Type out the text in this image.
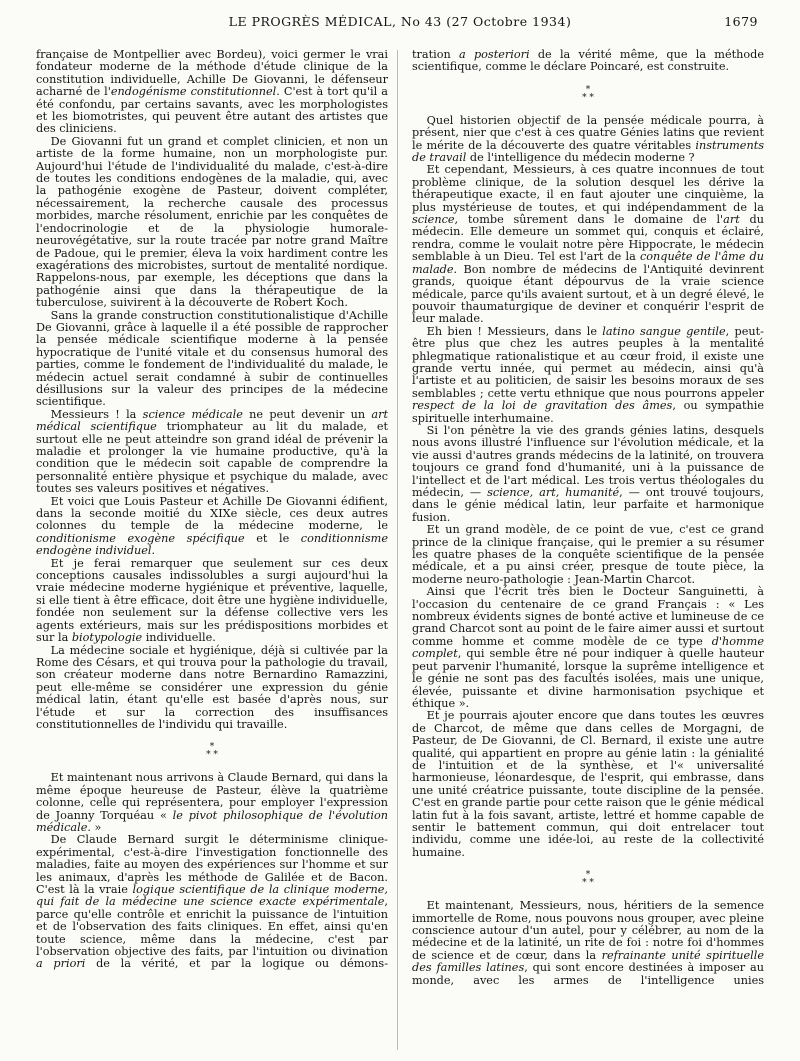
LE PROGRÈS MÉDICAL, No 43 (27 Octobre 1934)	1679

française de Montpellier avec Bordeu), voici germer le vrai fondateur moderne de la méthode d'étude clinique de la constitution individuelle, Achille De Giovanni, le défenseur acharné de l'endogénisme constitutionnel. C'est à tort qu'il a été confondu, par certains savants, avec les morphologistes et les biomotristes, qui peuvent être autant des artistes que des cliniciens.

De Giovanni fut un grand et complet clinicien, et non un artiste de la forme humaine, non un morphologiste pur. Aujourd'hui l'étude de l'individualité du malade, c'est-à-dire de toutes les conditions endogènes de la maladie, qui, avec la pathogénie exogène de Pasteur, doivent compléter, nécessairement, la recherche causale des processus morbides, marche résolument, enrichie par les conquêtes de l'endocrinologie et de la physiologie humorale-neurovégétative, sur la route tracée par notre grand Maître de Padoue, qui le premier, éleva la voix hardiment contre les exagérations des microbistes, surtout de mentalité nordique. Rappelons-nous, par exemple, les déceptions que dans la pathogénie ainsi que dans la thérapeutique de la tuberculose, suivirent à la découverte de Robert Koch.

Sans la grande construction constitutionalistique d'Achille De Giovanni, grâce à laquelle il a été possible de rapprocher la pensée médicale scientifique moderne à la pensée hypocratique de l'unité vitale et du consensus humoral des parties, comme le fondement de l'individualité du malade, le médecin actuel serait condamné à subir de continuelles désillusions sur la valeur des principes de la médecine scientifique.

Messieurs ! la science médicale ne peut devenir un art médical scientifique triomphateur au lit du malade, et surtout elle ne peut atteindre son grand idéal de prévenir la maladie et prolonger la vie humaine productive, qu'à la condition que le médecin soit capable de comprendre la personnalité entière physique et psychique du malade, avec toutes ses valeurs positives et négatives.

Et voici que Louis Pasteur et Achille De Giovanni édifient, dans la seconde moitié du XIXe siècle, ces deux autres colonnes du temple de la médecine moderne, le conditionisme exogène spécifique et le conditionnisme endogène individuel.

Et je ferai remarquer que seulement sur ces deux conceptions causales indissolubles a surgi aujourd'hui la vraie médecine moderne hygiénique et préventive, laquelle, si elle tient à être efficace, doit être une hygiène individuelle, fondée non seulement sur la défense collective vers les agents extérieurs, mais sur les prédispositions morbides et sur la biotypologie individuelle.

La médecine sociale et hygiénique, déjà si cultivée par la Rome des Césars, et qui trouva pour la pathologie du travail, son créateur moderne dans notre Bernardino Ramazzini, peut elle-même se considérer une expression du génie médical latin, étant qu'elle est basée d'après nous, sur l'étude et sur la correction des insuffisances constitutionnelles de l'individu qui travaille.

*
* *

Et maintenant nous arrivons à Claude Bernard, qui dans la même époque heureuse de Pasteur, élève la quatrième colonne, celle qui représentera, pour employer l'expression de Joanny Torquéau « le pivot philosophique de l'évolution médicale. »

De Claude Bernard surgit le déterminisme clinique-expérimental, c'est-à-dire l'investigation fonctionnelle des maladies, faite au moyen des expériences sur l'homme et sur les animaux, d'après les méthode de Galilée et de Bacon. C'est là la vraie logique scientifique de la clinique moderne, qui fait de la médecine une science exacte expérimentale, parce qu'elle contrôle et enrichit la puissance de l'intuition et de l'observation des faits cliniques. En effet, ainsi qu'en toute science, même dans la médecine, c'est par l'observation objective des faits, par l'intuition ou divination a priori de la vérité, et par la logique ou démons-

tration a posteriori de la vérité même, que la méthode scientifique, comme le déclare Poincaré, est construite.

*
* *

Quel historien objectif de la pensée médicale pourra, à présent, nier que c'est à ces quatre Génies latins que revient le mérite de la découverte des quatre véritables instruments de travail de l'intelligence du médecin moderne ?

Et cependant, Messieurs, à ces quatre inconnues de tout problème clinique, de la solution desquel les dérive la thérapeutique exacte, il en faut ajouter une cinquième, la plus mystérieuse de toutes, et qui indépendamment de la science, tombe sûrement dans le domaine de l'art du médecin. Elle demeure un sommet qui, conquis et éclairé, rendra, comme le voulait notre père Hippocrate, le médecin semblable à un Dieu. Tel est l'art de la conquête de l'âme du malade. Bon nombre de médecins de l'Antiquité devinrent grands, quoique étant dépourvus de la vraie science médicale, parce qu'ils avaient surtout, et à un degré élevé, le pouvoir thaumaturgique de deviner et conquérir l'esprit de leur malade.

Eh bien ! Messieurs, dans le latino sangue gentile, peut-être plus que chez les autres peuples à la mentalité phlegmatique rationalistique et au cœur froid, il existe une grande vertu innée, qui permet au médecin, ainsi qu'à l'artiste et au politicien, de saisir les besoins moraux de ses semblables ; cette vertu ethnique que nous pourrons appeler respect de la loi de gravitation des âmes, ou sympathie spirituelle interhumaine.

Si l'on pénètre la vie des grands génies latins, desquels nous avons illustré l'influence sur l'évolution médicale, et la vie aussi d'autres grands médecins de la latinité, on trouvera toujours ce grand fond d'humanité, uni à la puissance de l'intellect et de l'art médical. Les trois vertus théologales du médecin, — science, art, humanité, — ont trouvé toujours, dans le génie médical latin, leur parfaite et harmonique fusion.

Et un grand modèle, de ce point de vue, c'est ce grand prince de la clinique française, qui le premier a su résumer les quatre phases de la conquête scientifique de la pensée médicale, et a pu ainsi créer, presque de toute pièce, la moderne neuro-pathologie : Jean-Martin Charcot.

Ainsi que l'écrit très bien le Docteur Sanguinetti, à l'occasion du centenaire de ce grand Français : « Les nombreux évidents signes de bonté active et lumineuse de ce grand Charcot sont au point de le faire aimer aussi et surtout comme homme et comme modèle de ce type d'homme complet, qui semble être né pour indiquer à quelle hauteur peut parvenir l'humanité, lorsque la suprême intelligence et le génie ne sont pas des facultés isolées, mais une unique, élevée, puissante et divine harmonisation psychique et éthique ».

Et je pourrais ajouter encore que dans toutes les œuvres de Charcot, de même que dans celles de Morgagni, de Pasteur, de De Giovanni, de Cl. Bernard, il existe une autre qualité, qui appartient en propre au génie latin : la génialité de l'intuition et de la synthèse, et l'« universalité harmonieuse, léonardesque, de l'esprit, qui embrasse, dans une unité créatrice puissante, toute discipline de la pensée. C'est en grande partie pour cette raison que le génie médical latin fut à la fois savant, artiste, lettré et homme capable de sentir le battement commun, qui doit entrelacer tout individu, comme une idée-loi, au reste de la collectivité humaine.

*
* *

Et maintenant, Messieurs, nous, héritiers de la semence immortelle de Rome, nous pouvons nous grouper, avec pleine conscience autour d'un autel, pour y célébrer, au nom de la médecine et de la latinité, un rite de foi : notre foi d'hommes de science et de cœur, dans la refrainante unité spirituelle des familles latines, qui sont encore destinées à imposer au monde, avec les armes de l'intelligence unies
